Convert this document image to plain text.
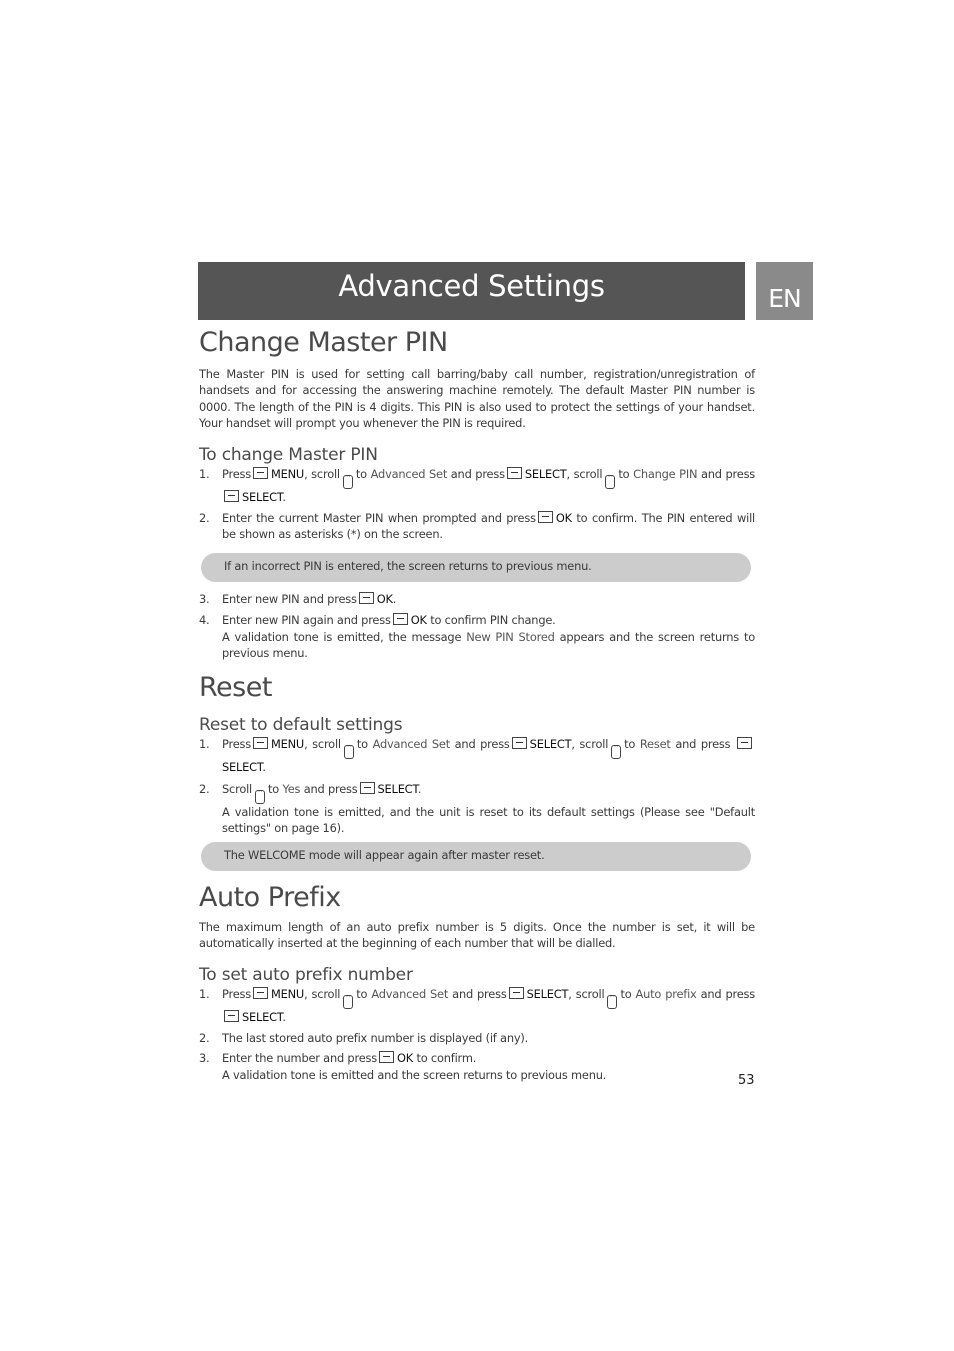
Advanced Settings	EN
Change Master PIN

The Master PIN is used for setting call barring/baby call number, registration/unregistration of handsets and for accessing the answering machine remotely. The default Master PIN number is 0000. The length of the PIN is 4 digits. This PIN is also used to protect the settings of your handset. Your handset will prompt you whenever the PIN is required.

To change Master PIN
1. Press MENU, scroll ˄˅ to Advanced Set and press SELECT, scroll ˄˅ to Change PIN and press SELECT.
2. Enter the current Master PIN when prompted and press OK to confirm. The PIN entered will be shown as asterisks (*) on the screen.
If an incorrect PIN is entered, the screen returns to previous menu.
3. Enter new PIN and press OK.
4. Enter new PIN again and press OK to confirm PIN change.
A validation tone is emitted, the message New PIN Stored appears and the screen returns to previous menu.
Reset
Reset to default settings
1. Press MENU, scroll ˄˅ to Advanced Set and press SELECT, scroll ˄˅ to Reset and press SELECT.
2. Scroll ˄˅ to Yes and press SELECT.
A validation tone is emitted, and the unit is reset to its default settings (Please see "Default settings" on page 16).
The WELCOME mode will appear again after master reset.
Auto Prefix

The maximum length of an auto prefix number is 5 digits. Once the number is set, it will be automatically inserted at the beginning of each number that will be dialled.

To set auto prefix number
1. Press MENU, scroll ˄˅ to Advanced Set and press SELECT, scroll ˄˅ to Auto prefix and press SELECT.
2. The last stored auto prefix number is displayed (if any).
3. Enter the number and press OK to confirm.
A validation tone is emitted and the screen returns to previous menu.	53
